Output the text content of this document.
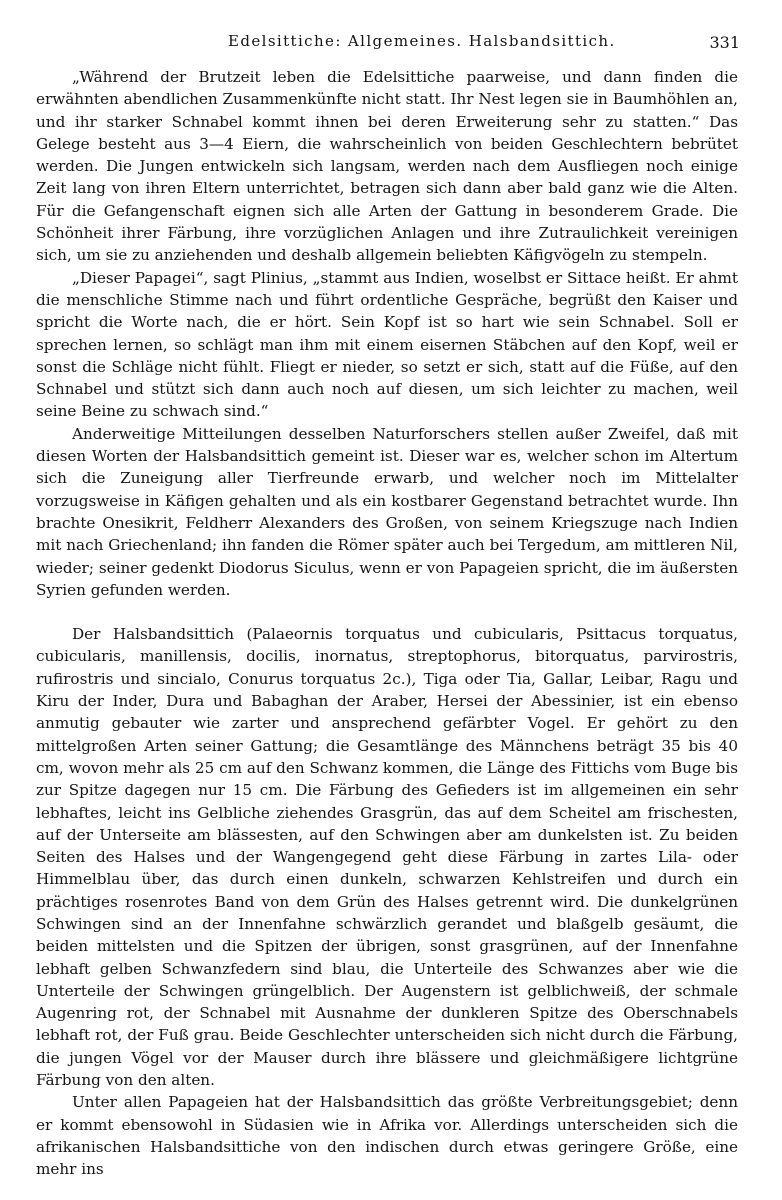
Edelsittiche: Allgemeines. Halsbandsittich.	331

„Während der Brutzeit leben die Edelsittiche paarweise, und dann finden die erwähnten abendlichen Zusammenkünfte nicht statt. Ihr Nest legen sie in Baumhöhlen an, und ihr starker Schnabel kommt ihnen bei deren Erweiterung sehr zu statten.“ Das Gelege besteht aus 3—4 Eiern, die wahrscheinlich von beiden Geschlechtern bebrütet werden. Die Jungen entwickeln sich langsam, werden nach dem Ausfliegen noch einige Zeit lang von ihren Eltern unterrichtet, betragen sich dann aber bald ganz wie die Alten. Für die Gefangenschaft eignen sich alle Arten der Gattung in besonderem Grade. Die Schönheit ihrer Färbung, ihre vorzüglichen Anlagen und ihre Zutraulichkeit vereinigen sich, um sie zu anziehenden und deshalb allgemein beliebten Käfigvögeln zu stempeln.

„Dieser Papagei“, sagt Plinius, „stammt aus Indien, woselbst er Sittace heißt. Er ahmt die menschliche Stimme nach und führt ordentliche Gespräche, begrüßt den Kaiser und spricht die Worte nach, die er hört. Sein Kopf ist so hart wie sein Schnabel. Soll er sprechen lernen, so schlägt man ihm mit einem eisernen Stäbchen auf den Kopf, weil er sonst die Schläge nicht fühlt. Fliegt er nieder, so setzt er sich, statt auf die Füße, auf den Schnabel und stützt sich dann auch noch auf diesen, um sich leichter zu machen, weil seine Beine zu schwach sind.“

Anderweitige Mitteilungen desselben Naturforschers stellen außer Zweifel, daß mit diesen Worten der Halsbandsittich gemeint ist. Dieser war es, welcher schon im Altertum sich die Zuneigung aller Tierfreunde erwarb, und welcher noch im Mittelalter vorzugsweise in Käfigen gehalten und als ein kostbarer Gegenstand betrachtet wurde. Ihn brachte Onesikrit, Feldherr Alexanders des Großen, von seinem Kriegszuge nach Indien mit nach Griechenland; ihn fanden die Römer später auch bei Tergedum, am mittleren Nil, wieder; seiner gedenkt Diodorus Siculus, wenn er von Papageien spricht, die im äußersten Syrien gefunden werden.

Der Halsbandsittich (Palaeornis torquatus und cubicularis, Psittacus torquatus, cubicularis, manillensis, docilis, inornatus, streptophorus, bitorquatus, parvirostris, rufirostris und sincialo, Conurus torquatus 2c.), Tiga oder Tia, Gallar, Leibar, Ragu und Kiru der Inder, Dura und Babaghan der Araber, Hersei der Abessinier, ist ein ebenso anmutig gebauter wie zarter und ansprechend gefärbter Vogel. Er gehört zu den mittelgroßen Arten seiner Gattung; die Gesamtlänge des Männchens beträgt 35 bis 40 cm, wovon mehr als 25 cm auf den Schwanz kommen, die Länge des Fittichs vom Buge bis zur Spitze dagegen nur 15 cm. Die Färbung des Gefieders ist im allgemeinen ein sehr lebhaftes, leicht ins Gelbliche ziehendes Grasgrün, das auf dem Scheitel am frischesten, auf der Unterseite am blässesten, auf den Schwingen aber am dunkelsten ist. Zu beiden Seiten des Halses und der Wangengegend geht diese Färbung in zartes Lila- oder Himmelblau über, das durch einen dunkeln, schwarzen Kehlstreifen und durch ein prächtiges rosenrotes Band von dem Grün des Halses getrennt wird. Die dunkelgrünen Schwingen sind an der Innenfahne schwärzlich gerandet und blaßgelb gesäumt, die beiden mittelsten und die Spitzen der übrigen, sonst grasgrünen, auf der Innenfahne lebhaft gelben Schwanzfedern sind blau, die Unterteile des Schwanzes aber wie die Unterteile der Schwingen grüngelblich. Der Augenstern ist gelblichweiß, der schmale Augenring rot, der Schnabel mit Ausnahme der dunkleren Spitze des Oberschnabels lebhaft rot, der Fuß grau. Beide Geschlechter unterscheiden sich nicht durch die Färbung, die jungen Vögel vor der Mauser durch ihre blässere und gleichmäßigere lichtgrüne Färbung von den alten.

Unter allen Papageien hat der Halsbandsittich das größte Verbreitungsgebiet; denn er kommt ebensowohl in Südasien wie in Afrika vor. Allerdings unterscheiden sich die afrikanischen Halsbandsittiche von den indischen durch etwas geringere Größe, eine mehr ins
